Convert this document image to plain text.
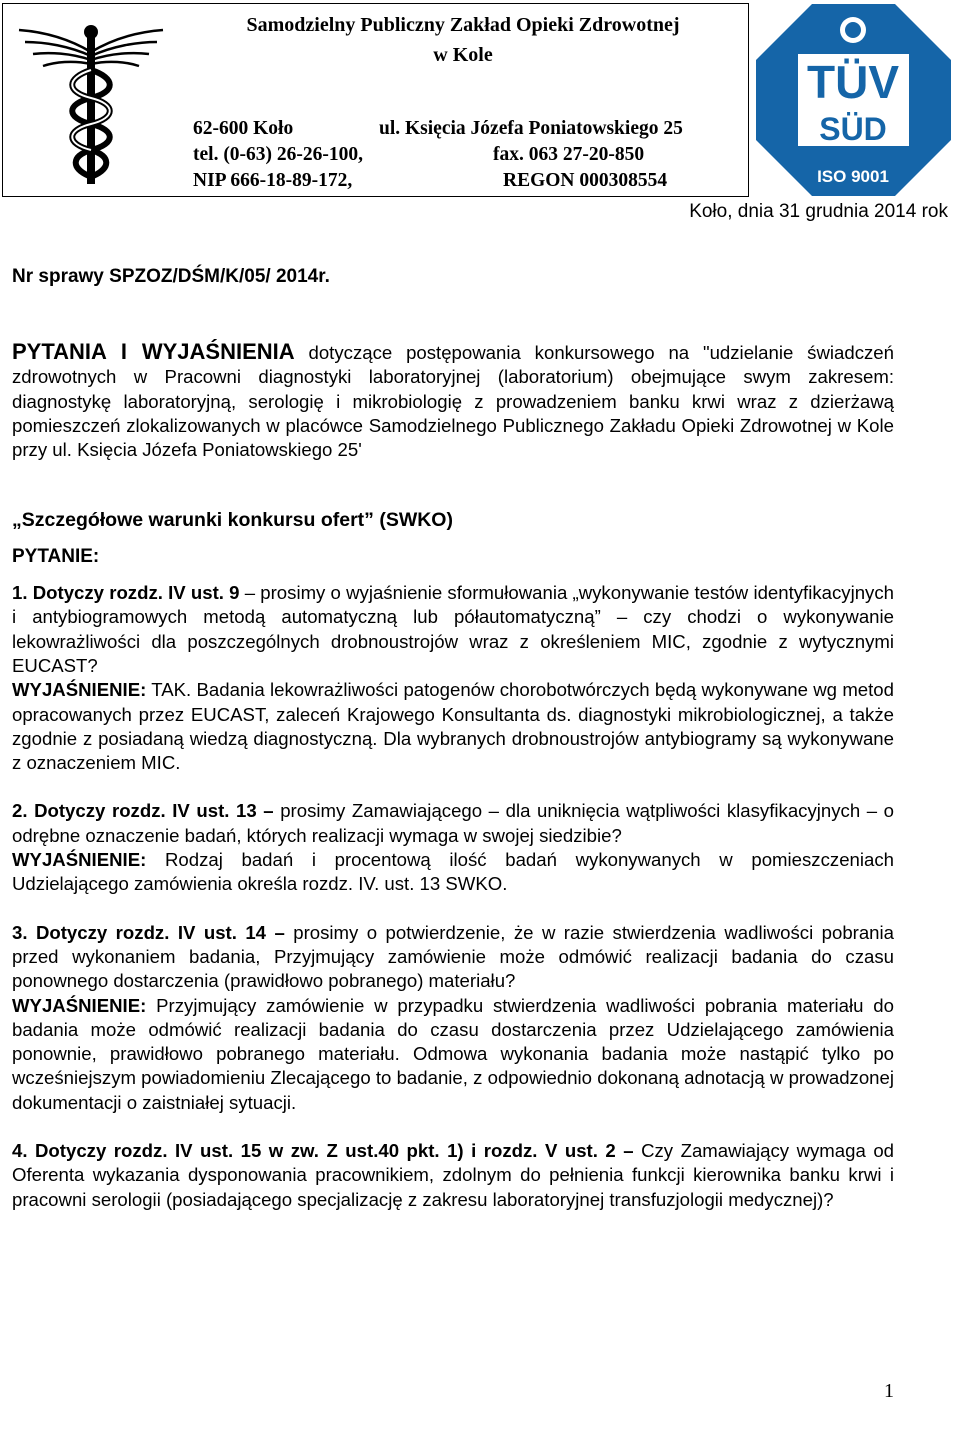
Samodzielny Publiczny Zakład Opieki Zdrowotnej
w Kole
62-600 Koło	ul. Księcia Józefa Poniatowskiego 25
tel. (0-63) 26-26-100,	fax. 063 27-20-850
NIP 666-18-89-172,	REGON 000308554
TÜV
SÜD
ISO 9001
Koło, dnia 31 grudnia 2014 rok
Nr sprawy SPZOZ/DŚM/K/05/ 2014r.

PYTANIA I WYJAŚNIENIA dotyczące postępowania konkursowego na "udzielanie świadczeń zdrowotnych w Pracowni diagnostyki laboratoryjnej (laboratorium) obejmujące swym zakresem: diagnostykę laboratoryjną, serologię i mikrobiologię z prowadzeniem banku krwi wraz z dzierżawą pomieszczeń zlokalizowanych w placówce Samodzielnego Publicznego Zakładu Opieki Zdrowotnej w Kole przy ul. Księcia Józefa Poniatowskiego 25'

„Szczegółowe warunki konkursu ofert” (SWKO)

PYTANIE:

1. Dotyczy rozdz. IV ust. 9 – prosimy o wyjaśnienie sformułowania „wykonywanie testów identyfikacyjnych i antybiogramowych metodą automatyczną lub półautomatyczną” – czy chodzi o wykonywanie lekowrażliwości dla poszczególnych drobnoustrojów wraz z określeniem MIC, zgodnie z wytycznymi EUCAST?

WYJAŚNIENIE: TAK. Badania lekowrażliwości patogenów chorobotwórczych będą wykonywane wg metod opracowanych przez EUCAST, zaleceń Krajowego Konsultanta ds. diagnostyki mikrobiologicznej, a także zgodnie z posiadaną wiedzą diagnostyczną. Dla wybranych drobnoustrojów antybiogramy są wykonywane z oznaczeniem MIC.

2. Dotyczy rozdz. IV ust. 13 – prosimy Zamawiającego – dla uniknięcia wątpliwości klasyfikacyjnych – o odrębne oznaczenie badań, których realizacji wymaga w swojej siedzibie?

WYJAŚNIENIE: Rodzaj badań i procentową ilość badań wykonywanych w pomieszczeniach Udzielającego zamówienia określa rozdz. IV. ust. 13 SWKO.

3. Dotyczy rozdz. IV ust. 14 – prosimy o potwierdzenie, że w razie stwierdzenia wadliwości pobrania przed wykonaniem badania, Przyjmujący zamówienie może odmówić realizacji badania do czasu ponownego dostarczenia (prawidłowo pobranego) materiału?

WYJAŚNIENIE: Przyjmujący zamówienie w przypadku stwierdzenia wadliwości pobrania materiału do badania może odmówić realizacji badania do czasu dostarczenia przez Udzielającego zamówienia ponownie, prawidłowo pobranego materiału. Odmowa wykonania badania może nastąpić tylko po wcześniejszym powiadomieniu Zlecającego to badanie, z odpowiednio dokonaną adnotacją w prowadzonej dokumentacji o zaistniałej sytuacji.

4. Dotyczy rozdz. IV ust. 15 w zw. Z ust.40 pkt. 1) i rozdz. V ust. 2 – Czy Zamawiający wymaga od Oferenta wykazania dysponowania pracownikiem, zdolnym do pełnienia funkcji kierownika banku krwi i pracowni serologii (posiadającego specjalizację z zakresu laboratoryjnej transfuzjologii medycznej)?

1
